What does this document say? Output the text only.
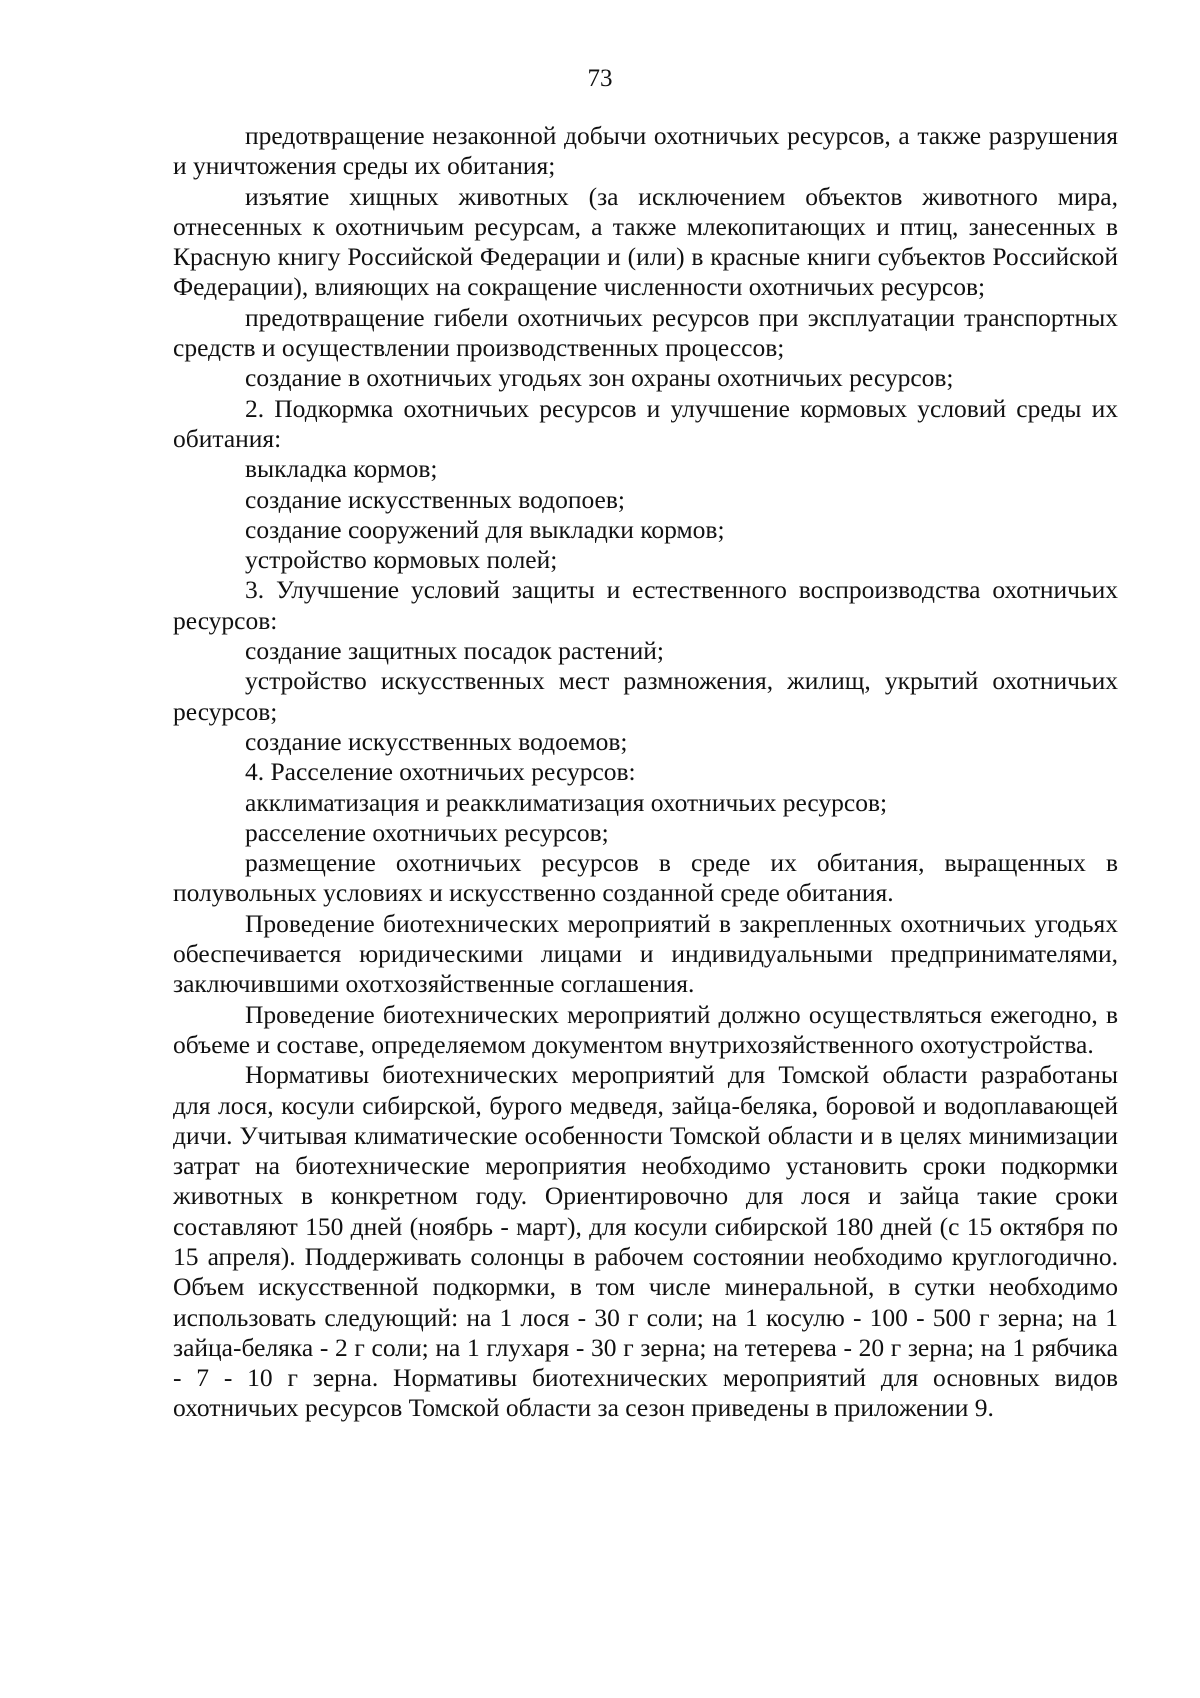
73

предотвращение незаконной добычи охотничьих ресурсов, а также разрушения и уничтожения среды их обитания;

изъятие хищных животных (за исключением объектов животного мира, отнесенных к охотничьим ресурсам, а также млекопитающих и птиц, занесенных в Красную книгу Российской Федерации и (или) в красные книги субъектов Российской Федерации), влияющих на сокращение численности охотничьих ресурсов;

предотвращение гибели охотничьих ресурсов при эксплуатации транспортных средств и осуществлении производственных процессов;

создание в охотничьих угодьях зон охраны охотничьих ресурсов;

2. Подкормка охотничьих ресурсов и улучшение кормовых условий среды их обитания:

выкладка кормов;

создание искусственных водопоев;

создание сооружений для выкладки кормов;

устройство кормовых полей;

3. Улучшение условий защиты и естественного воспроизводства охотничьих ресурсов:

создание защитных посадок растений;

устройство искусственных мест размножения, жилищ, укрытий охотничьих ресурсов;

создание искусственных водоемов;

4. Расселение охотничьих ресурсов:

акклиматизация и реакклиматизация охотничьих ресурсов;

расселение охотничьих ресурсов;

размещение охотничьих ресурсов в среде их обитания, выращенных в полувольных условиях и искусственно созданной среде обитания.

Проведение биотехнических мероприятий в закрепленных охотничьих угодьях обеспечивается юридическими лицами и индивидуальными предпринимателями, заключившими охотхозяйственные соглашения.

Проведение биотехнических мероприятий должно осуществляться ежегодно, в объеме и составе, определяемом документом внутрихозяйственного охотустройства.

Нормативы биотехнических мероприятий для Томской области разработаны для лося, косули сибирской, бурого медведя, зайца-беляка, боровой и водоплавающей дичи. Учитывая климатические особенности Томской области и в целях минимизации затрат на биотехнические мероприятия необходимо установить сроки подкормки животных в конкретном году. Ориентировочно для лося и зайца такие сроки составляют 150 дней (ноябрь - март), для косули сибирской 180 дней (с 15 октября по 15 апреля). Поддерживать солонцы в рабочем состоянии необходимо круглогодично. Объем искусственной подкормки, в том числе минеральной, в сутки необходимо использовать следующий: на 1 лося - 30 г соли; на 1 косулю - 100 - 500 г зерна; на 1 зайца-беляка - 2 г соли; на 1 глухаря - 30 г зерна; на тетерева - 20 г зерна; на 1 рябчика - 7 - 10 г зерна. Нормативы биотехнических мероприятий для основных видов охотничьих ресурсов Томской области за сезон приведены в приложении 9.
